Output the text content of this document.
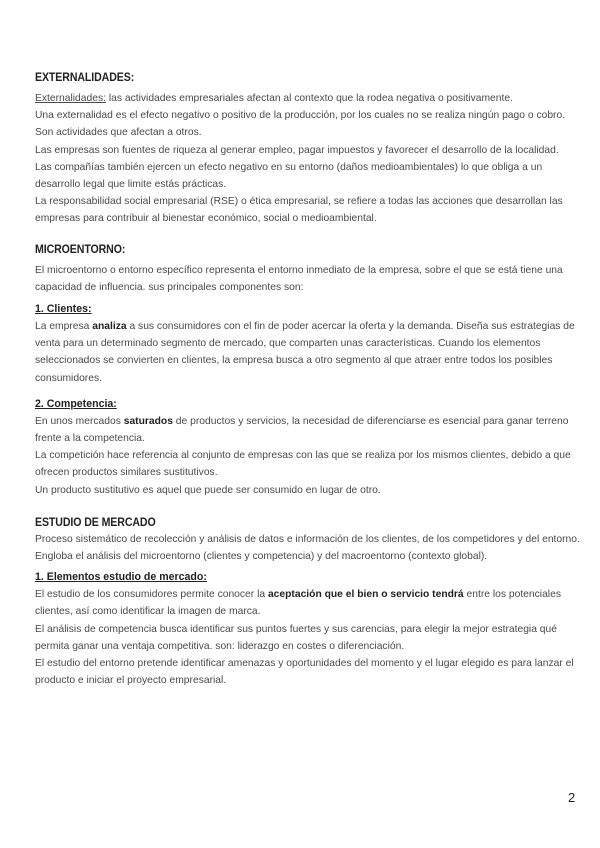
EXTERNALIDADES:

Externalidades: las actividades empresariales afectan al contexto que la rodea negativa o positivamente.

Una externalidad es el efecto negativo o positivo de la producción, por los cuales no se realiza ningún pago o cobro. Son actividades que afectan a otros.

Las empresas son fuentes de riqueza al generar empleo, pagar impuestos y favorecer el desarrollo de la localidad.

Las compañías también ejercen un efecto negativo en su entorno (daños medioambientales) lo que obliga a un desarrollo legal que limite estás prácticas.

La responsabilidad social empresarial (RSE) o ética empresarial, se refiere a todas las acciones que desarrollan las empresas para contribuir al bienestar económico, social o medioambiental.

MICROENTORNO:

El microentorno o entorno específico representa el entorno inmediato de la empresa, sobre el que se está tiene una capacidad de influencia. sus principales componentes son:

1. Clientes:

La empresa analiza a sus consumidores con el fin de poder acercar la oferta y la demanda. Diseña sus estrategias de venta para un determinado segmento de mercado, que comparten unas características. Cuando los elementos seleccionados se convierten en clientes, la empresa busca a otro segmento al que atraer entre todos los posibles consumidores.

2. Competencia:

En unos mercados saturados de productos y servicios, la necesidad de diferenciarse es esencial para ganar terreno frente a la competencia.

La competición hace referencia al conjunto de empresas con las que se realiza por los mismos clientes, debido a que ofrecen productos similares sustitutivos.

Un producto sustitutivo es aquel que puede ser consumido en lugar de otro.

ESTUDIO DE MERCADO

Proceso sistemático de recolección y análisis de datos e información de los clientes, de los competidores y del entorno. Engloba el análisis del microentorno (clientes y competencia) y del macroentorno (contexto global).

1. Elementos estudio de mercado:

El estudio de los consumidores permite conocer la aceptación que el bien o servicio tendrá entre los potenciales clientes, así como identificar la imagen de marca.

El análisis de competencia busca identificar sus puntos fuertes y sus carencias, para elegir la mejor estrategia qué permita ganar una ventaja competitiva. son: liderazgo en costes o diferenciación.

El estudio del entorno pretende identificar amenazas y oportunidades del momento y el lugar elegido es para lanzar el producto e iniciar el proyecto empresarial.

2
